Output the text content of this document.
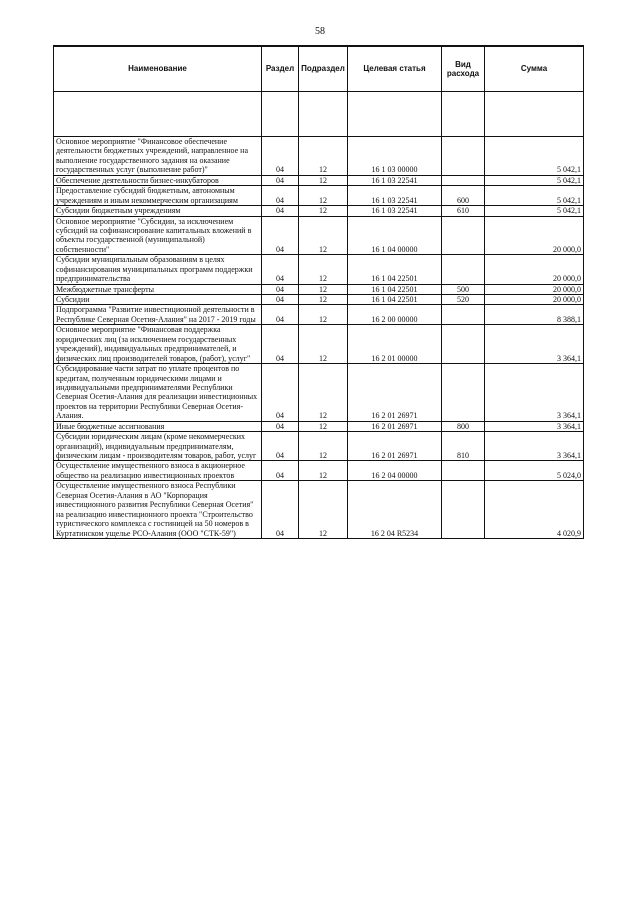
58
Наименование	Раздел	Подраздел	Целевая статья	Вид расхода	Сумма

Основное мероприятие "Финансовое обеспечение деятельности бюджетных учреждений, направленное на выполнение государственного задания на оказание государственных услуг (выполнение работ)"	04	12	16 1 03 00000		5 042,1
Обеспечение деятельности бизнес-инкубаторов	04	12	16 1 03 22541		5 042,1
Предоставление субсидий бюджетным, автономным учреждениям и иным некоммерческим организациям	04	12	16 1 03 22541	600	5 042,1
Субсидии бюджетным учреждениям	04	12	16 1 03 22541	610	5 042,1
Основное мероприятие "Субсидии, за исключением субсидий на софинансирование капитальных вложений в объекты государственной (муниципальной) собственности"	04	12	16 1 04 00000		20 000,0
Субсидии муниципальным образованиям в целях софинансирования муниципальных программ поддержки предпринимательства	04	12	16 1 04 22501		20 000,0
Межбюджетные трансферты	04	12	16 1 04 22501	500	20 000,0
Субсидии	04	12	16 1 04 22501	520	20 000,0
Подпрограмма "Развитие инвестиционной деятельности в Республике Северная Осетия-Алания" на 2017 - 2019 годы	04	12	16 2 00 00000		8 388,1
Основное мероприятие "Финансовая поддержка юридических лиц (за исключением государственных учреждений), индивидуальных предпринимателей, и физических лиц производителей товаров, (работ), услуг"	04	12	16 2 01 00000		3 364,1
Субсидирование части затрат по уплате процентов по кредитам, полученным юридическими лицами и индивидуальными предпринимателями Республики Северная Осетия-Алания для реализации инвестиционных проектов на территории Республики Северная Осетия-Алания.	04	12	16 2 01 26971		3 364,1
Иные бюджетные ассигнования	04	12	16 2 01 26971	800	3 364,1
Субсидии юридическим лицам (кроме некоммерческих организаций), индивидуальным предпринимателям, физическим лицам - производителям товаров, работ, услуг	04	12	16 2 01 26971	810	3 364,1
Осуществление имущественного взноса в акционерное общество на реализацию инвестиционных проектов	04	12	16 2 04 00000		5 024,0
Осуществление имущественного взноса Республики Северная Осетия-Алания в АО "Корпорация инвестиционного развития Республики Северная Осетия" на реализацию инвестиционного проекта "Строительство туристического комплекса с гостиницей на 50 номеров в Куртатинском ущелье РСО-Алания (ООО "СТК-59")	04	12	16 2 04 R5234		4 020,9
